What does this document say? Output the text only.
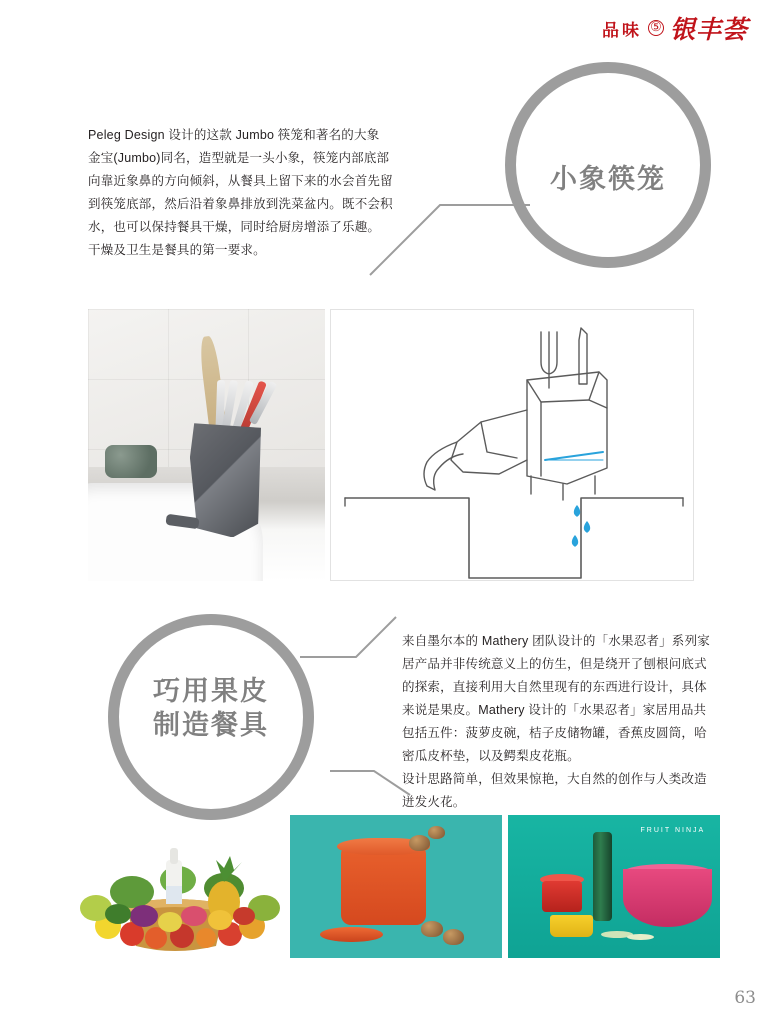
品味 ⑤ 银丰荟
小象筷笼

Peleg Design 设计的这款 Jumbo 筷笼和著名的大象

金宝(Jumbo)同名，造型就是一头小象，筷笼内部底部

向靠近象鼻的方向倾斜，从餐具上留下来的水会首先留

到筷笼底部，然后沿着象鼻排放到洗菜盆内。既不会积

水，也可以保持餐具干燥，同时给厨房增添了乐趣。

干燥及卫生是餐具的第一要求。

巧用果皮
制造餐具

来自墨尔本的 Mathery 团队设计的「水果忍者」系列家

居产品并非传统意义上的仿生，但是绕开了刨根问底式

的探索，直接利用大自然里现有的东西进行设计，具体

来说是果皮。Mathery 设计的「水果忍者」家居用品共

包括五件：菠萝皮碗，桔子皮储物罐，香蕉皮圆筒，哈

密瓜皮杯垫，以及鳄梨皮花瓶。

设计思路简单，但效果惊艳，大自然的创作与人类改造

迸发火花。

FRUIT NINJA
63
